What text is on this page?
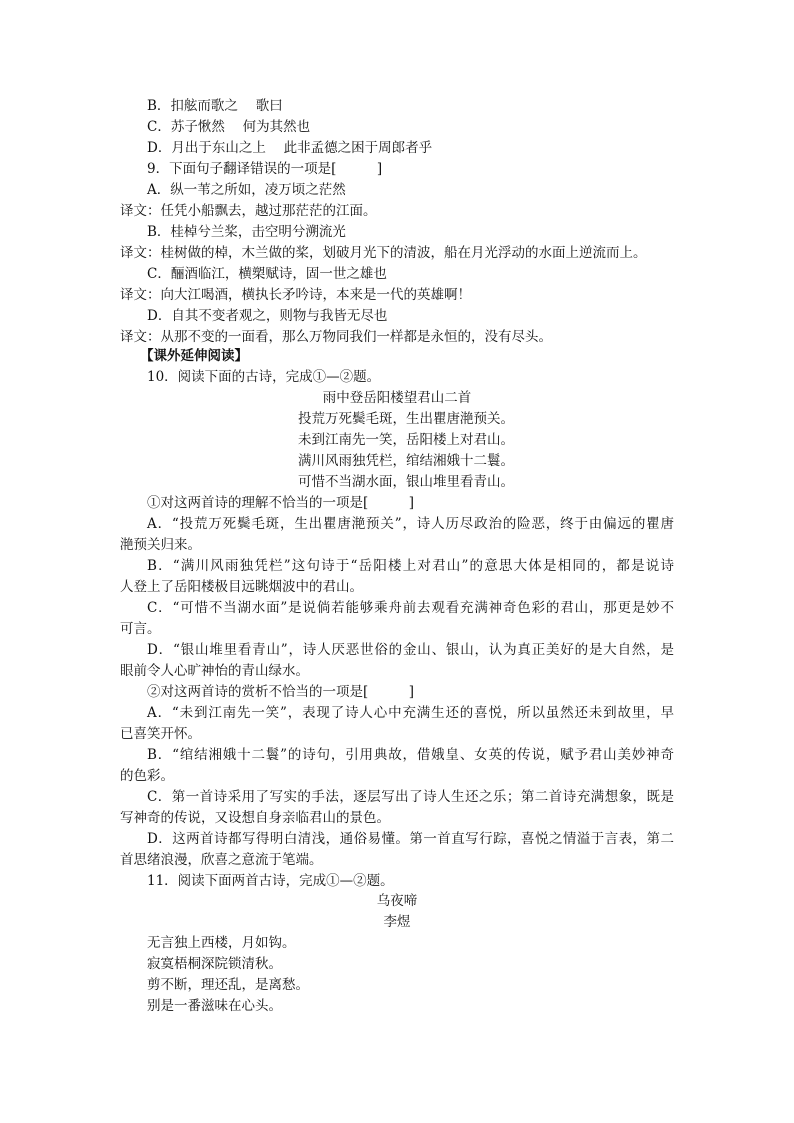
B．扣舷而歌之　 歌曰
C．苏子愀然　 何为其然也
D．月出于东山之上　 此非孟德之困于周郎者乎
9．下面句子翻译错误的一项是[　　　]
A．纵一苇之所如，凌万顷之茫然
译文：任凭小船飘去，越过那茫茫的江面。
B．桂棹兮兰桨，击空明兮溯流光
译文：桂树做的棹，木兰做的桨，划破月光下的清波，船在月光浮动的水面上逆流而上。
C．酾酒临江，横槊赋诗，固一世之雄也
译文：向大江喝酒，横执长矛吟诗，本来是一代的英雄啊！
D．自其不变者观之，则物与我皆无尽也
译文：从那不变的一面看，那么万物同我们一样都是永恒的，没有尽头。
【课外延伸阅读】
10．阅读下面的古诗，完成①—②题。
雨中登岳阳楼望君山二首
投荒万死鬓毛斑，生出瞿唐滟预关。
未到江南先一笑，岳阳楼上对君山。
满川风雨独凭栏，绾结湘娥十二鬟。
可惜不当湖水面，银山堆里看青山。
①对这两首诗的理解不恰当的一项是[　　　]
A．“投荒万死鬓毛斑，生出瞿唐滟预关”，诗人历尽政治的险恶，终于由偏远的瞿唐
滟预关归来。
B．“满川风雨独凭栏”这句诗于“岳阳楼上对君山”的意思大体是相同的，都是说诗
人登上了岳阳楼极目远眺烟波中的君山。
C．“可惜不当湖水面”是说倘若能够乘舟前去观看充满神奇色彩的君山，那更是妙不
可言。
D．“银山堆里看青山”，诗人厌恶世俗的金山、银山，认为真正美好的是大自然，是
眼前令人心旷神怡的青山绿水。
②对这两首诗的赏析不恰当的一项是[　　　]
A．“未到江南先一笑”，表现了诗人心中充满生还的喜悦，所以虽然还未到故里，早
已喜笑开怀。
B．“绾结湘娥十二鬟”的诗句，引用典故，借娥皇、女英的传说，赋予君山美妙神奇
的色彩。
C．第一首诗采用了写实的手法，逐层写出了诗人生还之乐；第二首诗充满想象，既是
写神奇的传说，又设想自身亲临君山的景色。
D．这两首诗都写得明白清浅，通俗易懂。第一首直写行踪，喜悦之情溢于言表，第二
首思绪浪漫，欣喜之意流于笔端。
11．阅读下面两首古诗，完成①—②题。
乌夜啼
李煜
无言独上西楼，月如钩。
寂寞梧桐深院锁清秋。
剪不断，理还乱，是离愁。
别是一番滋味在心头。
